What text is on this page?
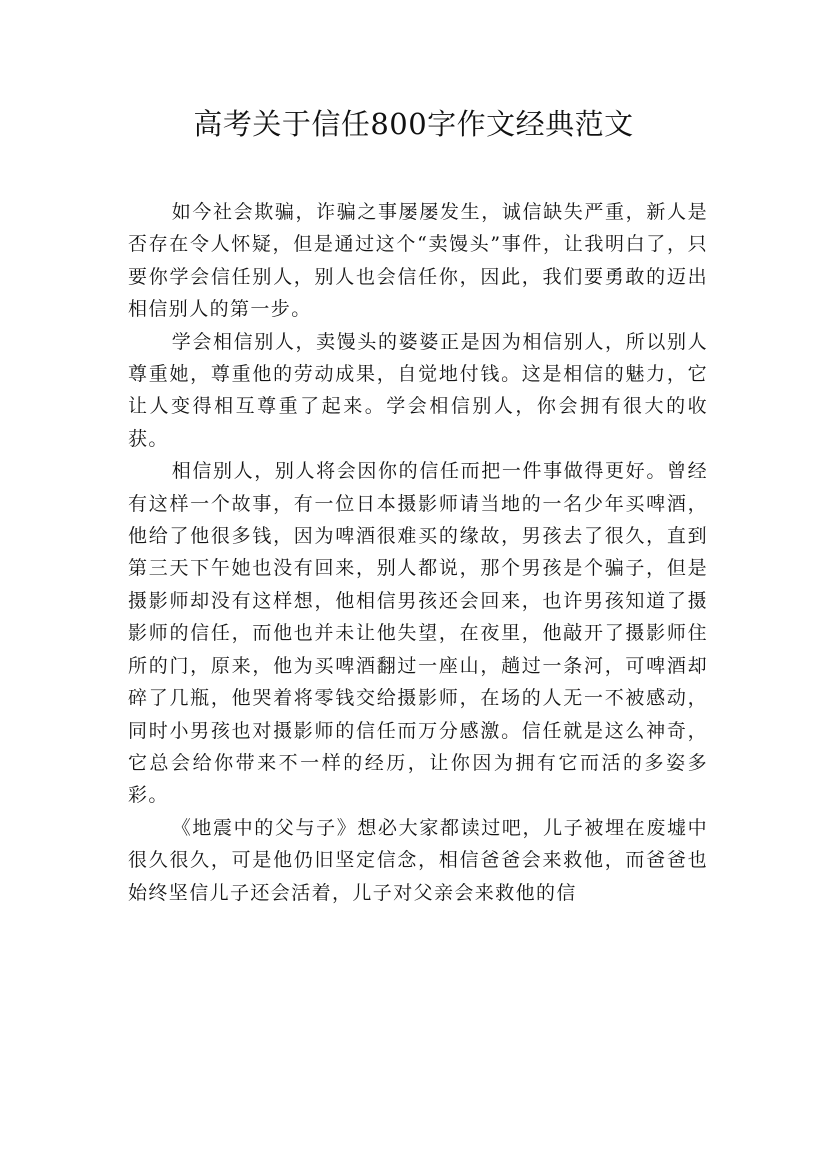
高考关于信任800字作文经典范文

如今社会欺骗，诈骗之事屡屡发生，诚信缺失严重，新人是否存在令人怀疑，但是通过这个“卖馒头”事件，让我明白了，只要你学会信任别人，别人也会信任你，因此，我们要勇敢的迈出相信别人的第一步。

学会相信别人，卖馒头的婆婆正是因为相信别人，所以别人尊重她，尊重他的劳动成果，自觉地付钱。这是相信的魅力，它让人变得相互尊重了起来。学会相信别人，你会拥有很大的收获。

相信别人，别人将会因你的信任而把一件事做得更好。曾经有这样一个故事，有一位日本摄影师请当地的一名少年买啤酒，他给了他很多钱，因为啤酒很难买的缘故，男孩去了很久，直到第三天下午她也没有回来，别人都说，那个男孩是个骗子，但是摄影师却没有这样想，他相信男孩还会回来，也许男孩知道了摄影师的信任，而他也并未让他失望，在夜里，他敲开了摄影师住所的门，原来，他为买啤酒翻过一座山，趟过一条河，可啤酒却碎了几瓶，他哭着将零钱交给摄影师，在场的人无一不被感动，同时小男孩也对摄影师的信任而万分感激。信任就是这么神奇，它总会给你带来不一样的经历，让你因为拥有它而活的多姿多彩。

《地震中的父与子》想必大家都读过吧，儿子被埋在废墟中很久很久，可是他仍旧坚定信念，相信爸爸会来救他，而爸爸也始终坚信儿子还会活着，儿子对父亲会来救他的信
